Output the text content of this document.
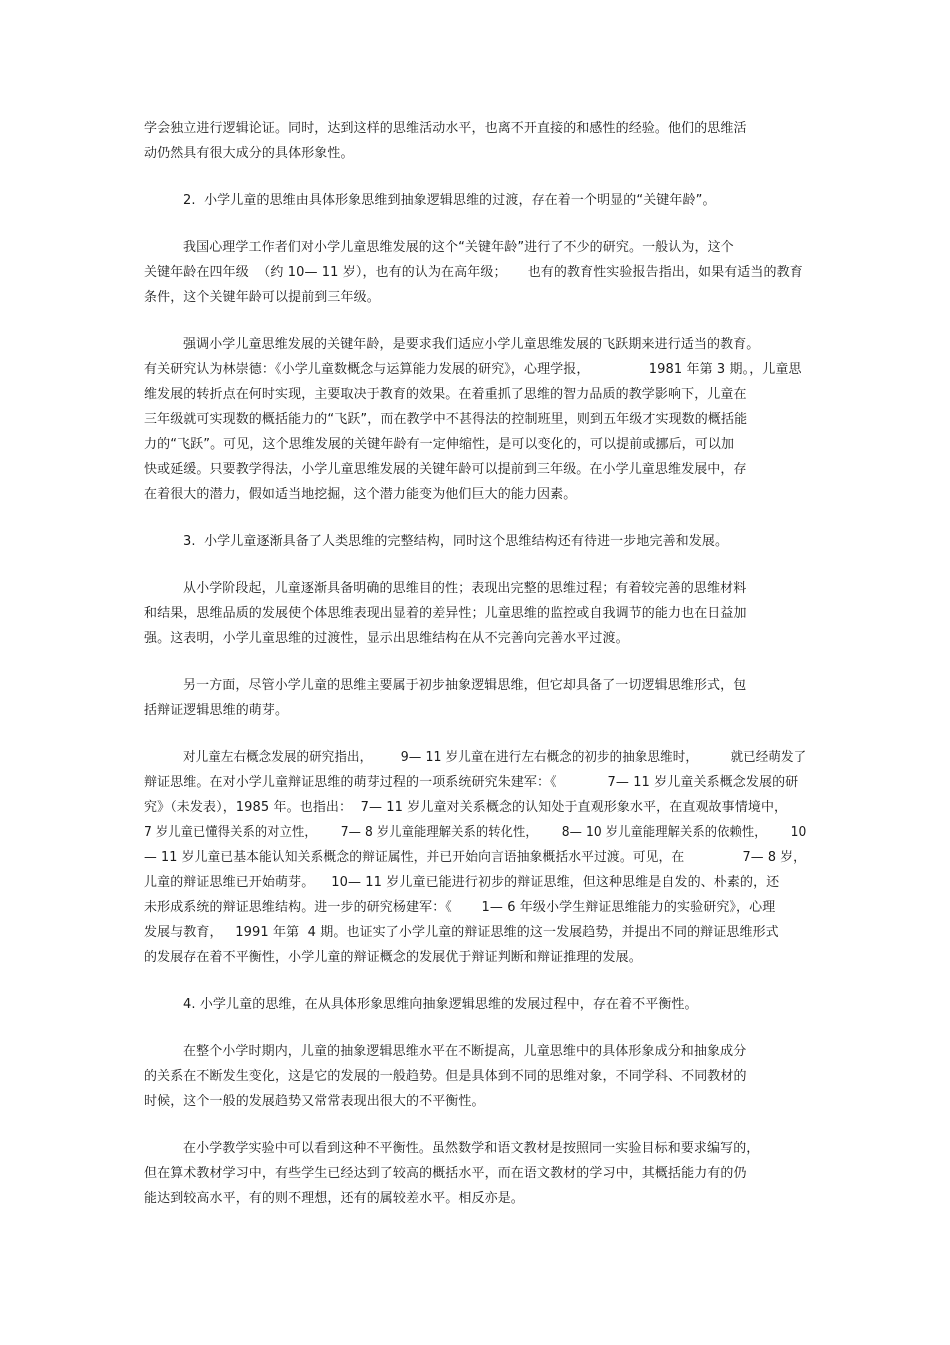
学会独立进行逻辑论证。同时，达到这样的思维活动水平，也离不开直接的和感性的经验。他们的思维活
动仍然具有很大成分的具体形象性。
2.  小学儿童的思维由具体形象思维到抽象逻辑思维的过渡，存在着一个明显的“关键年龄”。
我国心理学工作者们对小学儿童思维发展的这个“关键年龄”进行了不少的研究。一般认为，这个
关键年龄在四年级  （约 10— 11 岁），也有的认为在高年级；     也有的教育性实验报告指出，如果有适当的教育
条件，这个关键年龄可以提前到三年级。
强调小学儿童思维发展的关键年龄，是要求我们适应小学儿童思维发展的飞跃期来进行适当的教育。
有关研究认为林崇德：《小学儿童数概念与运算能力发展的研究》，心理学报，              1981 年第 3 期。，儿童思
维发展的转折点在何时实现，主要取决于教育的效果。在着重抓了思维的智力品质的教学影响下，儿童在
三年级就可实现数的概括能力的“飞跃”，而在教学中不甚得法的控制班里，则到五年级才实现数的概括能
力的“飞跃”。可见，这个思维发展的关键年龄有一定伸缩性，是可以变化的，可以提前或挪后，可以加
快或延缓。只要教学得法，小学儿童思维发展的关键年龄可以提前到三年级。在小学儿童思维发展中，存
在着很大的潜力，假如适当地挖掘，这个潜力能变为他们巨大的能力因素。
3.  小学儿童逐渐具备了人类思维的完整结构，同时这个思维结构还有待进一步地完善和发展。
从小学阶段起，儿童逐渐具备明确的思维目的性；表现出完整的思维过程；有着较完善的思维材料
和结果，思维品质的发展使个体思维表现出显着的差异性；儿童思维的监控或自我调节的能力也在日益加
强。这表明，小学儿童思维的过渡性，显示出思维结构在从不完善向完善水平过渡。
另一方面，尽管小学儿童的思维主要属于初步抽象逻辑思维，但它却具备了一切逻辑思维形式，包
括辩证逻辑思维的萌芽。
对儿童左右概念发展的研究指出，       9— 11 岁儿童在进行左右概念的初步的抽象思维时，        就已经萌发了
辩证思维。在对小学儿童辩证思维的萌芽过程的一项系统研究朱建军：《            7— 11 岁儿童关系概念发展的研
究》（未发表），1985 年。也指出：  7— 11 岁儿童对关系概念的认知处于直观形象水平，在直观故事情境中，
7 岁儿童已懂得关系的对立性，      7— 8 岁儿童能理解关系的转化性，      8— 10 岁儿童能理解关系的依赖性，      10
— 11 岁儿童已基本能认知关系概念的辩证属性，并已开始向言语抽象概括水平过渡。可见，在              7— 8 岁，
儿童的辩证思维已开始萌芽。    10— 11 岁儿童已能进行初步的辩证思维，但这种思维是自发的、朴素的，还
未形成系统的辩证思维结构。进一步的研究杨建军：《       1— 6 年级小学生辩证思维能力的实验研究》，心理
发展与教育，   1991 年第  4 期。也证实了小学儿童的辩证思维的这一发展趋势，并提出不同的辩证思维形式
的发展存在着不平衡性，小学儿童的辩证概念的发展优于辩证判断和辩证推理的发展。
4. 小学儿童的思维，在从具体形象思维向抽象逻辑思维的发展过程中，存在着不平衡性。
在整个小学时期内，儿童的抽象逻辑思维水平在不断提高，儿童思维中的具体形象成分和抽象成分
的关系在不断发生变化，这是它的发展的一般趋势。但是具体到不同的思维对象，不同学科、不同教材的
时候，这个一般的发展趋势又常常表现出很大的不平衡性。
在小学教学实验中可以看到这种不平衡性。虽然数学和语文教材是按照同一实验目标和要求编写的，
但在算术教材学习中，有些学生已经达到了较高的概括水平，而在语文教材的学习中，其概括能力有的仍
能达到较高水平，有的则不理想，还有的属较差水平。相反亦是。
